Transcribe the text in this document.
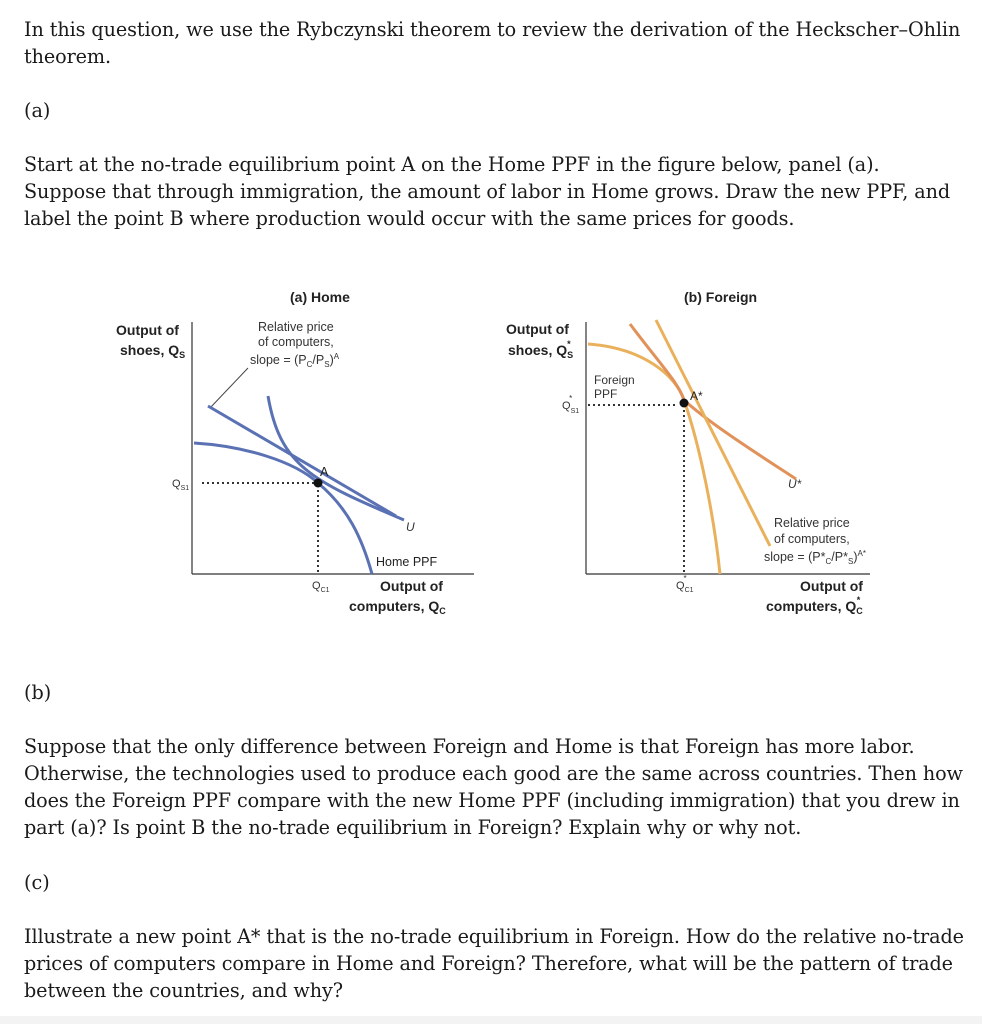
In this question, we use the Rybczynski theorem to review the derivation of the Heckscher–Ohlin theorem.

(a)

Start at the no-trade equilibrium point A on the Home PPF in the figure below, panel (a). Suppose that through immigration, the amount of labor in Home grows. Draw the new PPF, and label the point B where production would occur with the same prices for goods.

(a) Home
Output of
shoes, $Q_S$
Relative price
of computers,
slope = $(P_C/P_S)^A$
A
$Q_{S1}$
$Q_{C1}$
U
Home PPF
Output of
computers, $Q_C$
(b) Foreign
Output of
shoes, $Q_S*$
A*
Foreign
PPF
$Q_{S1}*$
$Q_{C1}*$
U*
Relative price
of computers,
slope = $(P*_C/P*_S)^{A*}$
Output of
computers, $Q_C*$

(b)

Suppose that the only difference between Foreign and Home is that Foreign has more labor. Otherwise, the technologies used to produce each good are the same across countries. Then how does the Foreign PPF compare with the new Home PPF (including immigration) that you drew in part (a)? Is point B the no-trade equilibrium in Foreign? Explain why or why not.

(c)

Illustrate a new point A* that is the no-trade equilibrium in Foreign. How do the relative no-trade prices of computers compare in Home and Foreign? Therefore, what will be the pattern of trade between the countries, and why?
